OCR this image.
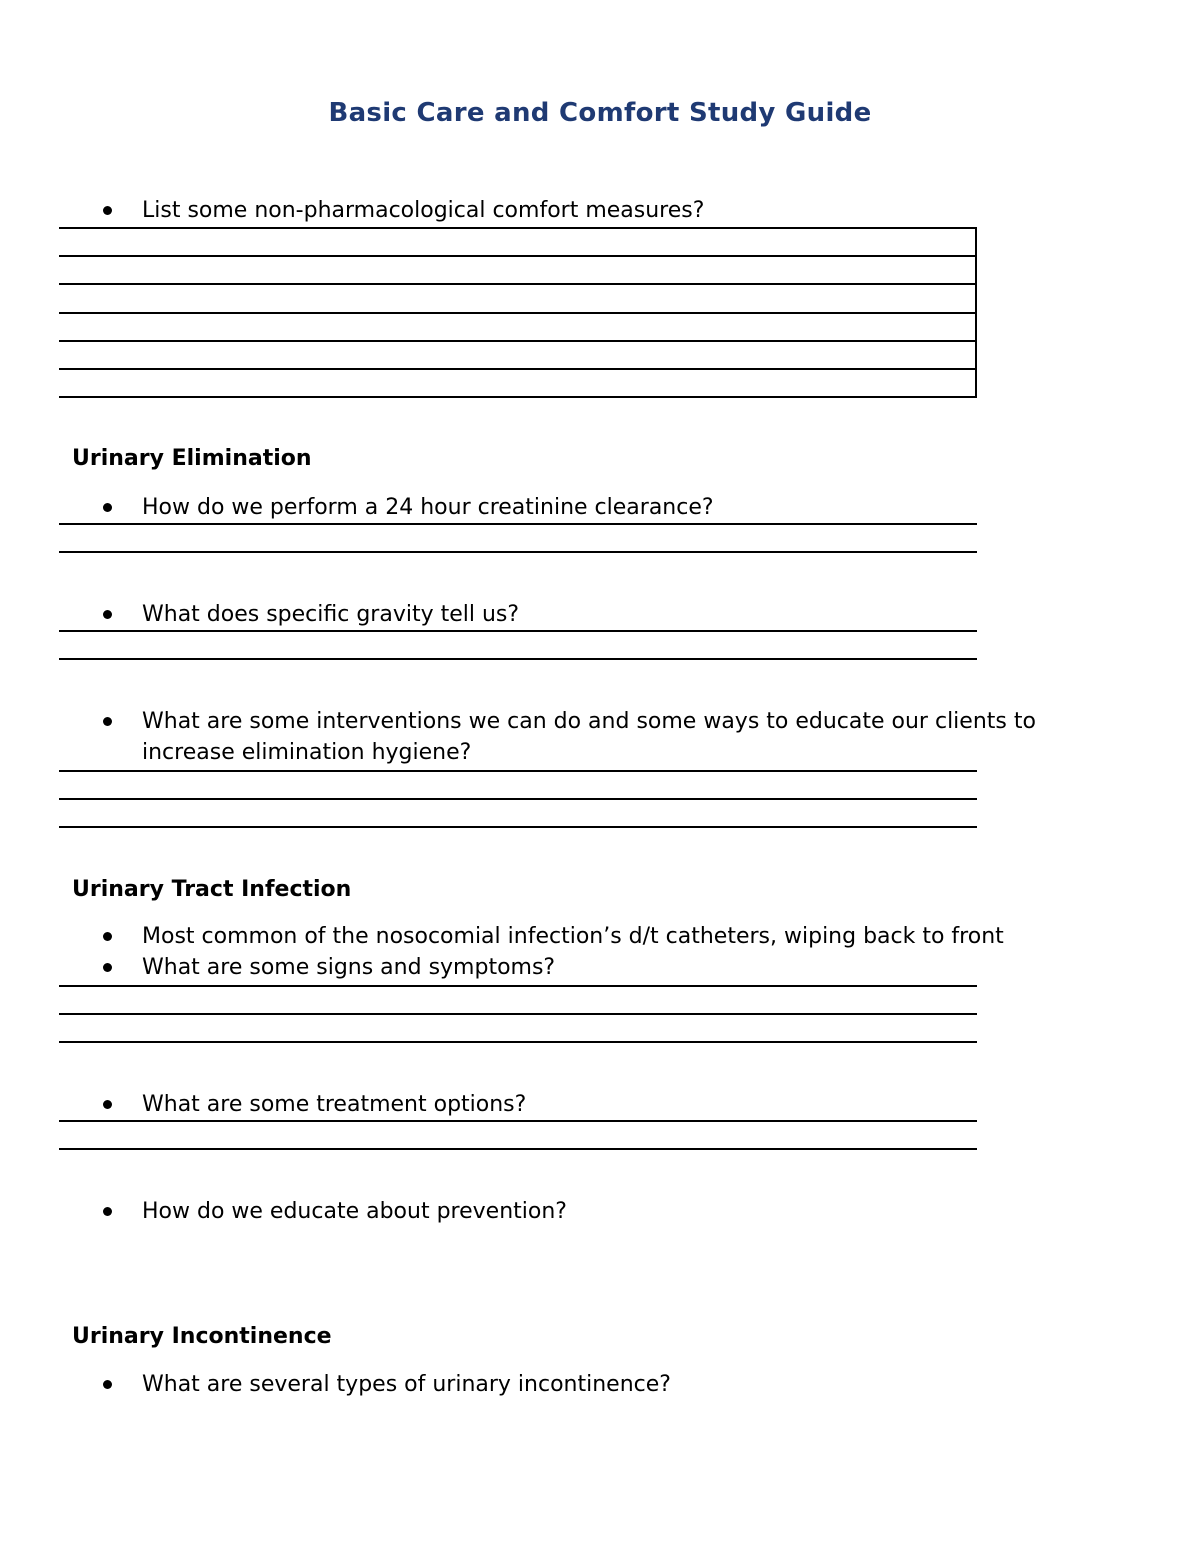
Basic Care and Comfort Study Guide
List some non-pharmacological comfort measures?
Urinary Elimination
How do we perform a 24 hour creatinine clearance?
What does specific gravity tell us?
What are some interventions we can do and some ways to educate our clients to increase elimination hygiene?
Urinary Tract Infection
Most common of the nosocomial infection’s d/t catheters, wiping back to front
What are some signs and symptoms?
What are some treatment options?
How do we educate about prevention?
Urinary Incontinence
What are several types of urinary incontinence?
